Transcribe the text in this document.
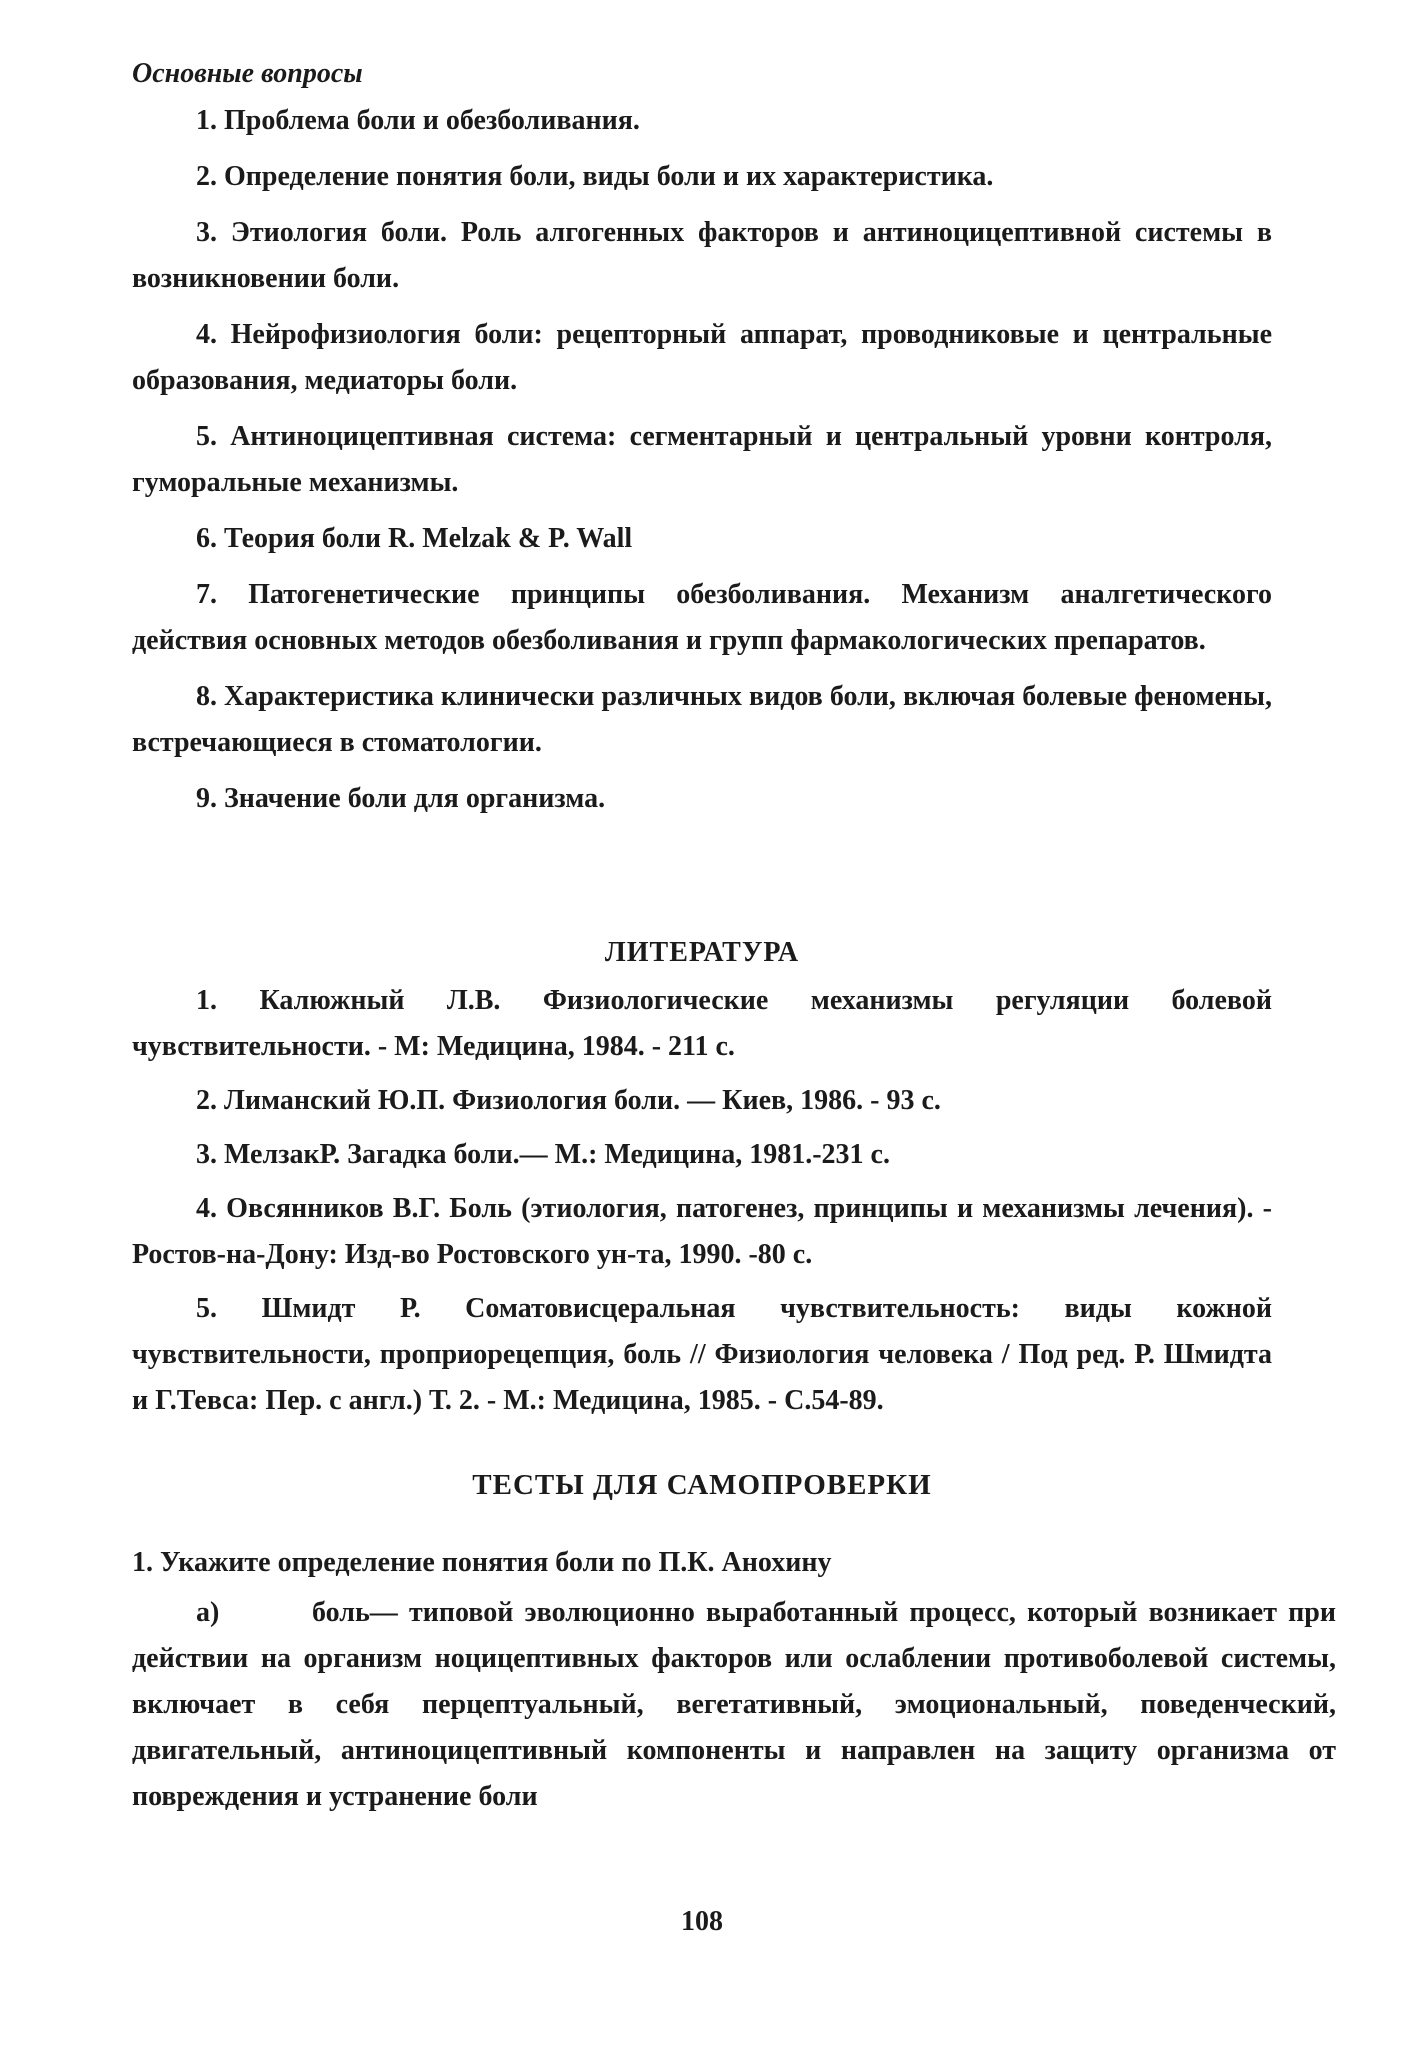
Основные вопросы

1. Проблема боли и обезболивания.

2. Определение понятия боли, виды боли и их характеристика.

3. Этиология боли. Роль алгогенных факторов и антиноцицептивной системы в возникновении боли.

4. Нейрофизиология боли: рецепторный аппарат, проводниковые и центральные образования, медиаторы боли.

5. Антиноцицептивная система: сегментарный и центральный уровни контроля, гуморальные механизмы.

6. Теория боли R. Melzak & P. Wall

7. Патогенетические принципы обезболивания. Механизм аналгетического действия основных методов обезболивания и групп фармакологических препаратов.

8. Характеристика клинически различных видов боли, включая болевые феномены, встречающиеся в стоматологии.

9. Значение боли для организма.

ЛИТЕРАТУРА

1. Калюжный Л.В. Физиологические механизмы регуляции болевой чувствительности. - М: Медицина, 1984. - 211 с.

2. Лиманский Ю.П. Физиология боли. — Киев, 1986. - 93 с.

3. МелзакР. Загадка боли.— М.: Медицина, 1981.-231 с.

4. Овсянников В.Г. Боль (этиология, патогенез, принципы и механизмы лечения). - Ростов-на-Дону: Изд-во Ростовского ун-та, 1990. -80 с.

5. Шмидт Р. Соматовисцеральная чувствительность: виды кожной чувствительности, проприорецепция, боль // Физиология человека / Под ред. Р. Шмидта и Г.Тевса: Пер. с англ.) Т. 2. - М.: Медицина, 1985. - С.54-89.

ТЕСТЫ ДЛЯ САМОПРОВЕРКИ

1. Укажите определение понятия боли по П.К. Анохину

а)	боль— типовой эволюционно выработанный процесс, который возникает при действии на организм ноцицептивных факторов или ослаблении противоболевой системы, включает в себя перцептуальный, вегетативный, эмоциональный, поведенческий, двигательный, антиноцицептивный компоненты и направлен на защиту организма от повреждения и устранение боли

108
